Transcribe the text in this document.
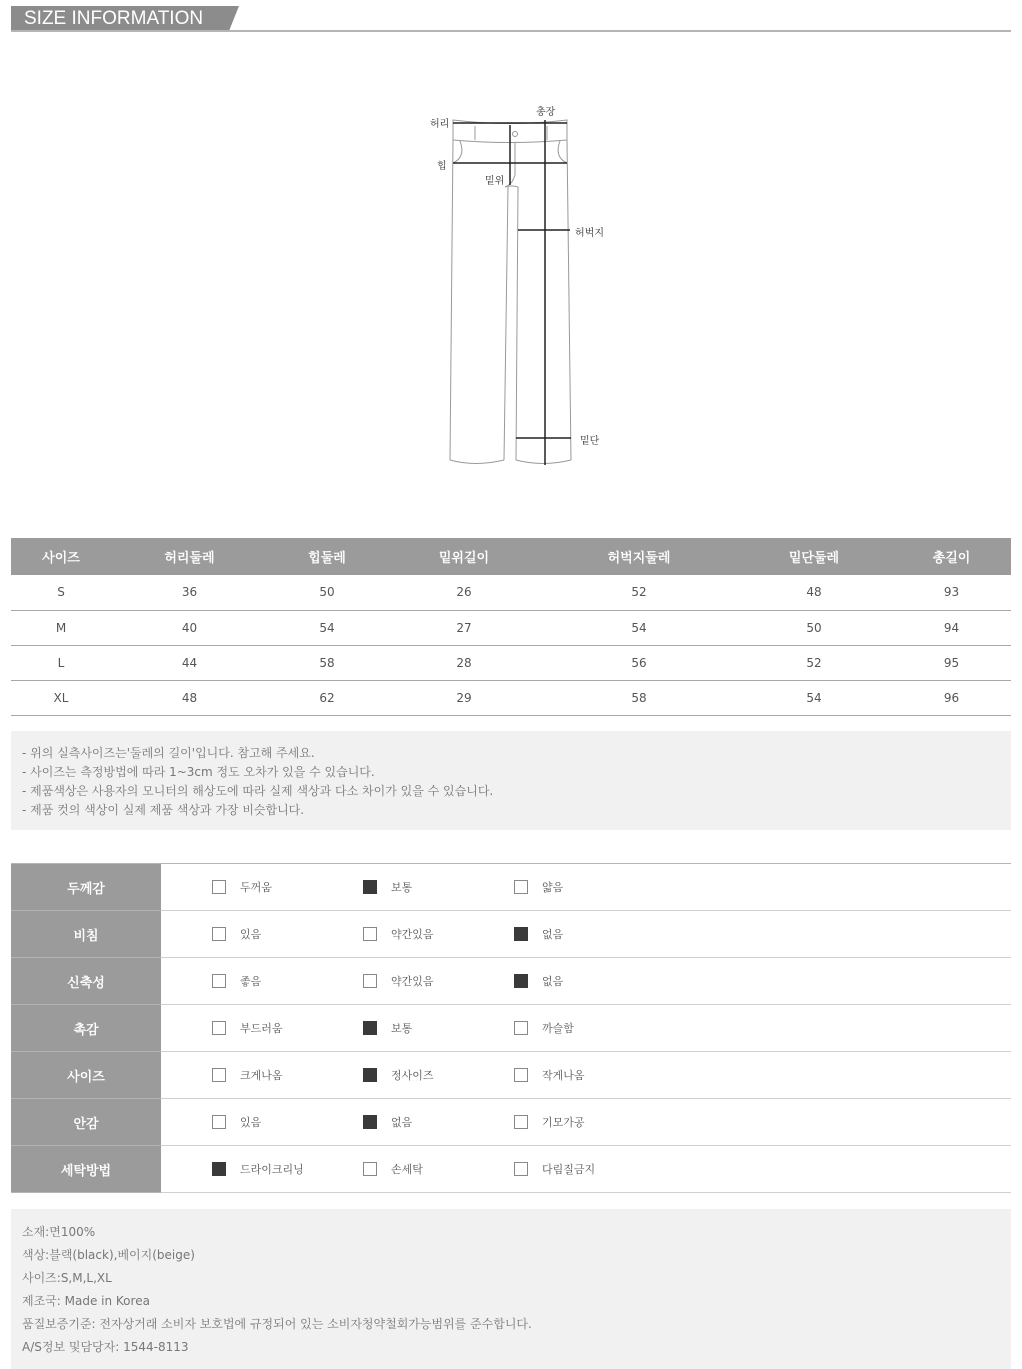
SIZE INFORMATION
허리
총장
힙
밑위
허벅지
밑단
사이즈	허리둘레	힙둘레	밑위길이	허벅지둘레	밑단둘레	총길이
S	36	50	26	52	48	93
M	40	54	27	54	50	94
L	44	58	28	56	52	95
XL	48	62	29	58	54	96
- 위의 실측사이즈는'둘레의 길이'입니다. 참고해 주세요.
- 사이즈는 측정방법에 따라 1~3cm 정도 오차가 있을 수 있습니다.
- 제품색상은 사용자의 모니터의 해상도에 따라 실제 색상과 다소 차이가 있을 수 있습니다.
- 제품 컷의 색상이 실제 제품 색상과 가장 비슷합니다.
두께감	두꺼움 보통 얇음

비침	있음 약간있음 없음

신축성	좋음 약간있음 없음

촉감	부드러움 보통 까슬함

사이즈	크게나옴 정사이즈 작게나옴

안감	있음 없음 기모가공

세탁방법	드라이크리닝 손세탁 다림질금지
소재:면100%
색상:블랙(black),베이지(beige)
사이즈:S,M,L,XL
제조국: Made in Korea
품질보증기준: 전자상거래 소비자 보호법에 규정되어 있는 소비자청약철회가능범위를 준수합니다.
A/S정보 및담당자: 1544-8113
